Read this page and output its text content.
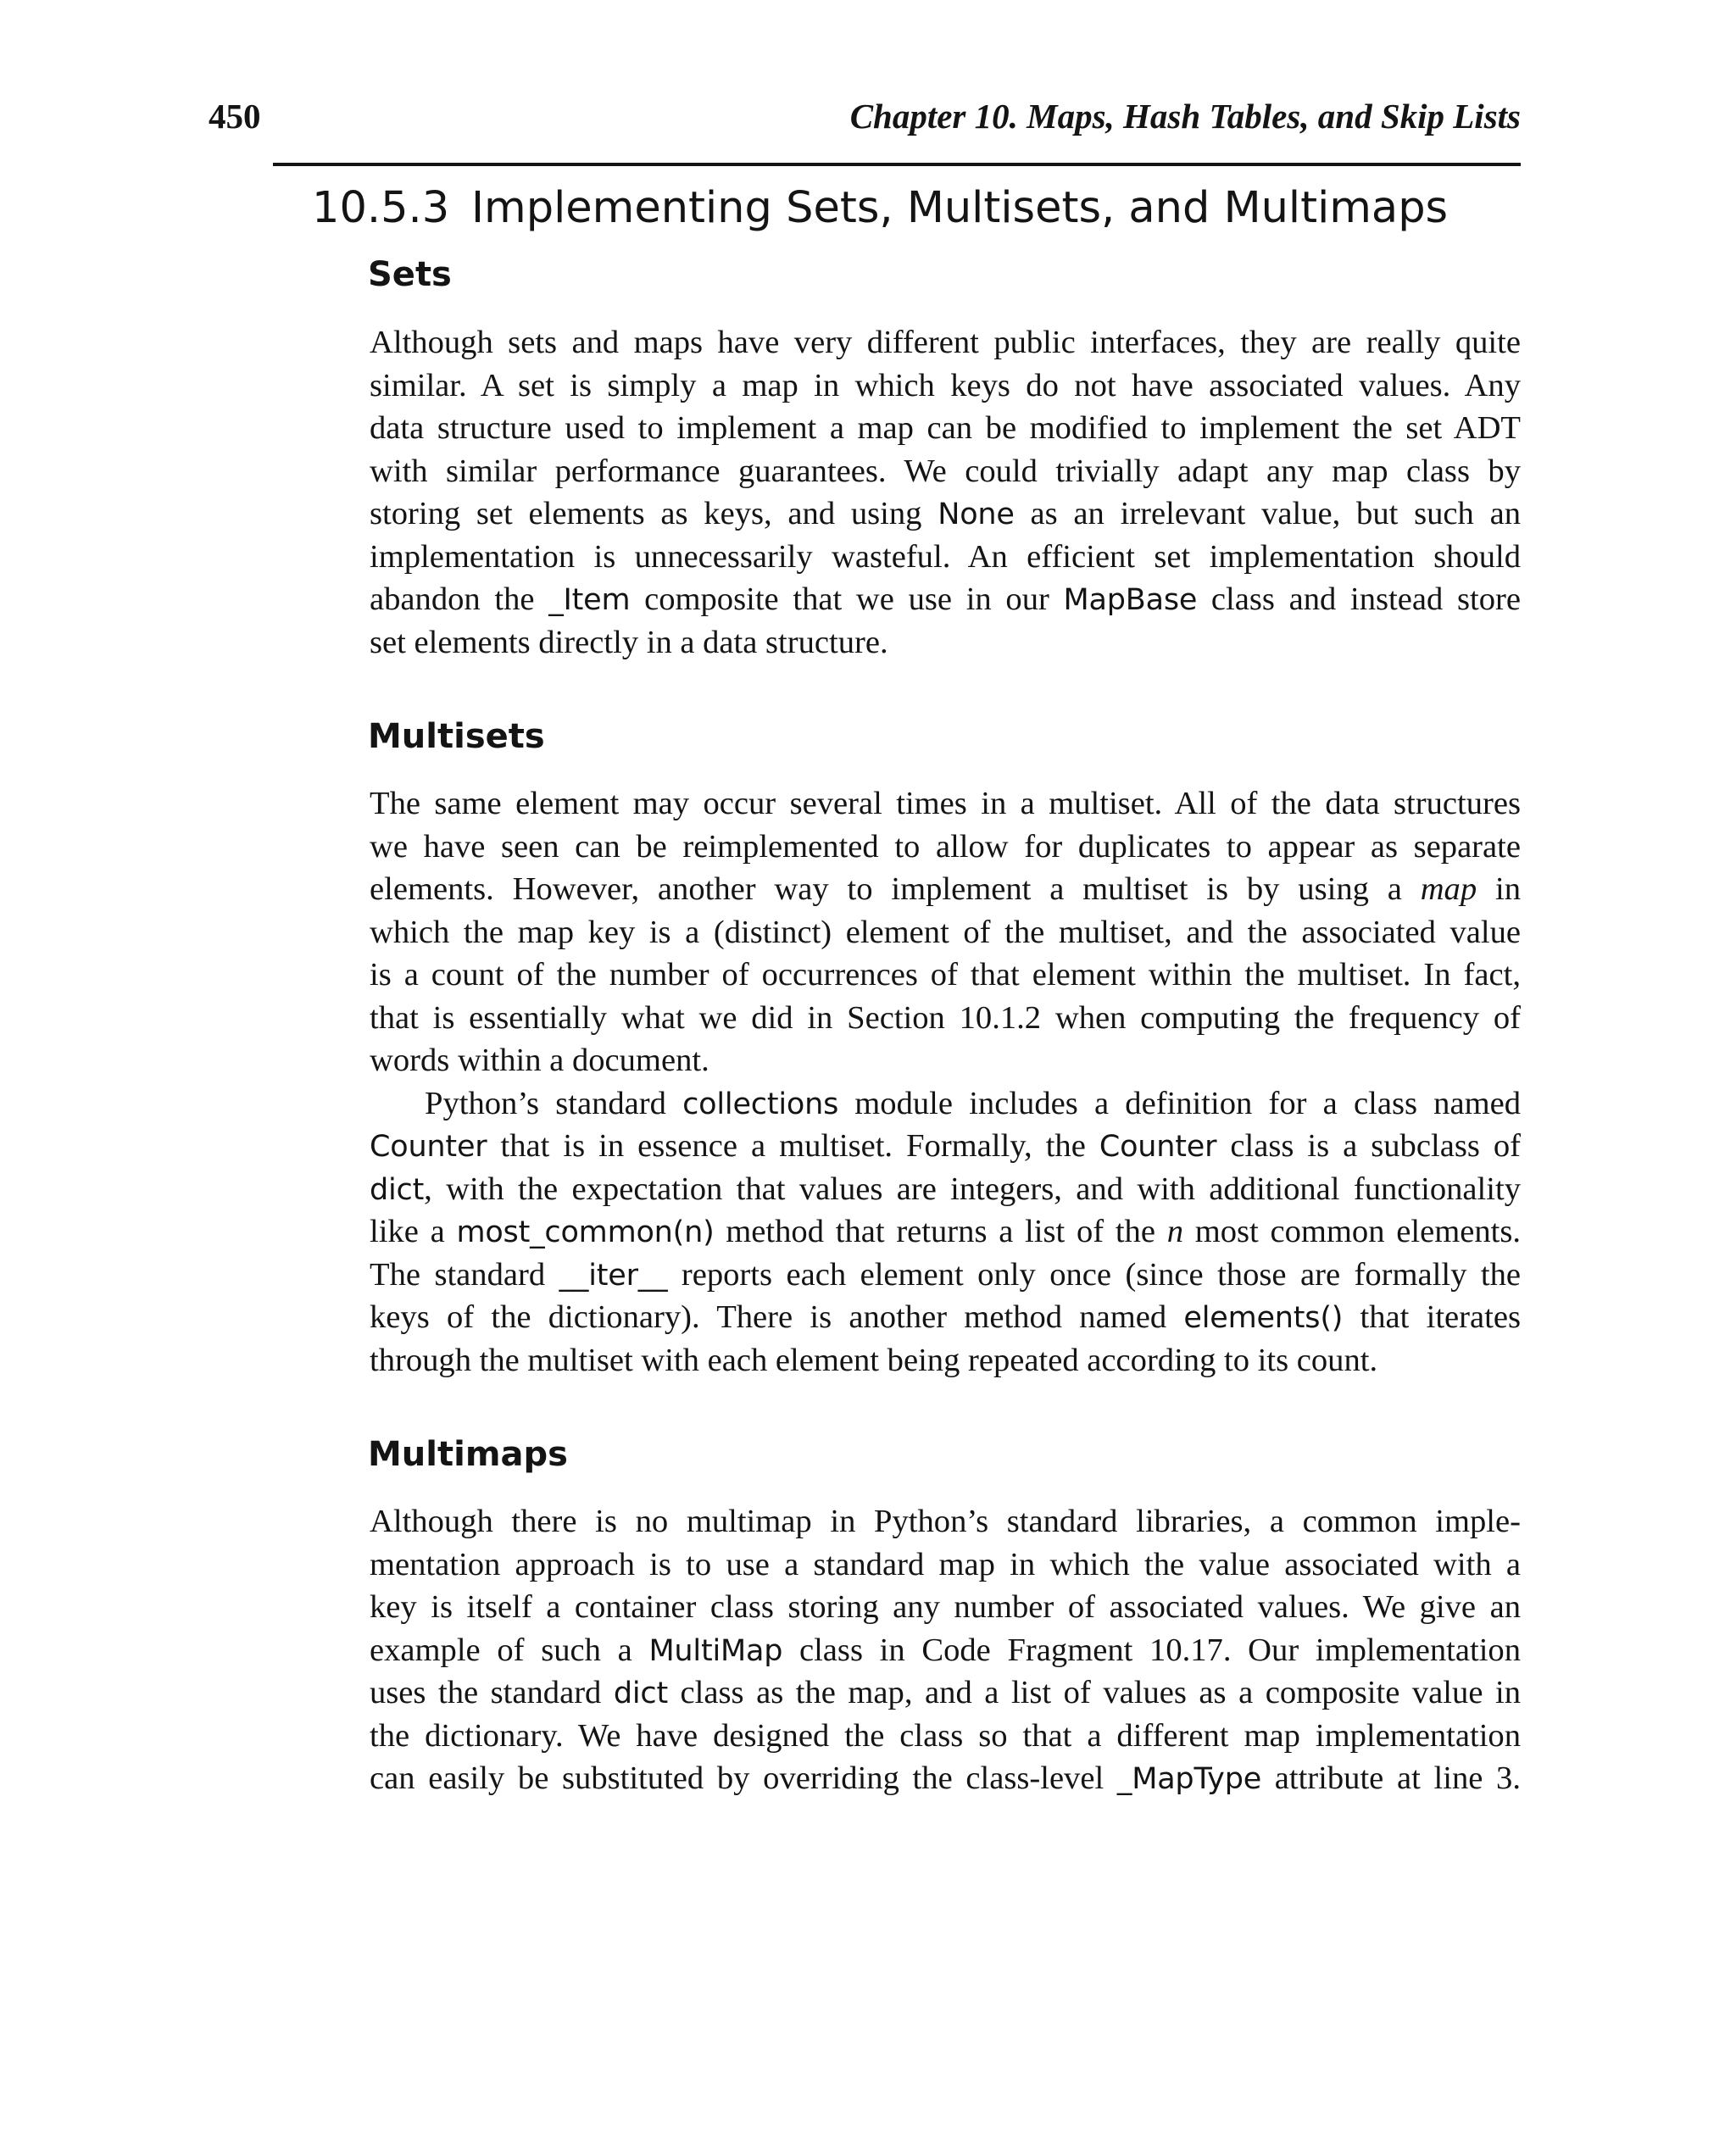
450	Chapter 10. Maps, Hash Tables, and Skip Lists
10.5.3 Implementing Sets, Multisets, and Multimaps
Sets
Although sets and maps have very different public interfaces, they are really quite
similar. A set is simply a map in which keys do not have associated values. Any
data structure used to implement a map can be modified to implement the set ADT
with similar performance guarantees. We could trivially adapt any map class by
storing set elements as keys, and using None as an irrelevant value, but such an
implementation is unnecessarily wasteful. An efficient set implementation should
abandon the _Item composite that we use in our MapBase class and instead store
set elements directly in a data structure.
Multisets
The same element may occur several times in a multiset. All of the data structures
we have seen can be reimplemented to allow for duplicates to appear as separate
elements. However, another way to implement a multiset is by using a map in
which the map key is a (distinct) element of the multiset, and the associated value
is a count of the number of occurrences of that element within the multiset. In fact,
that is essentially what we did in Section 10.1.2 when computing the frequency of
words within a document.
Python’s standard collections module includes a definition for a class named
Counter that is in essence a multiset. Formally, the Counter class is a subclass of
dict, with the expectation that values are integers, and with additional functionality
like a most_common(n) method that returns a list of the n most common elements.
The standard __iter__ reports each element only once (since those are formally the
keys of the dictionary). There is another method named elements() that iterates
through the multiset with each element being repeated according to its count.
Multimaps
Although there is no multimap in Python’s standard libraries, a common imple-
mentation approach is to use a standard map in which the value associated with a
key is itself a container class storing any number of associated values. We give an
example of such a MultiMap class in Code Fragment 10.17. Our implementation
uses the standard dict class as the map, and a list of values as a composite value in
the dictionary. We have designed the class so that a different map implementation
can easily be substituted by overriding the class-level _MapType attribute at line 3.
